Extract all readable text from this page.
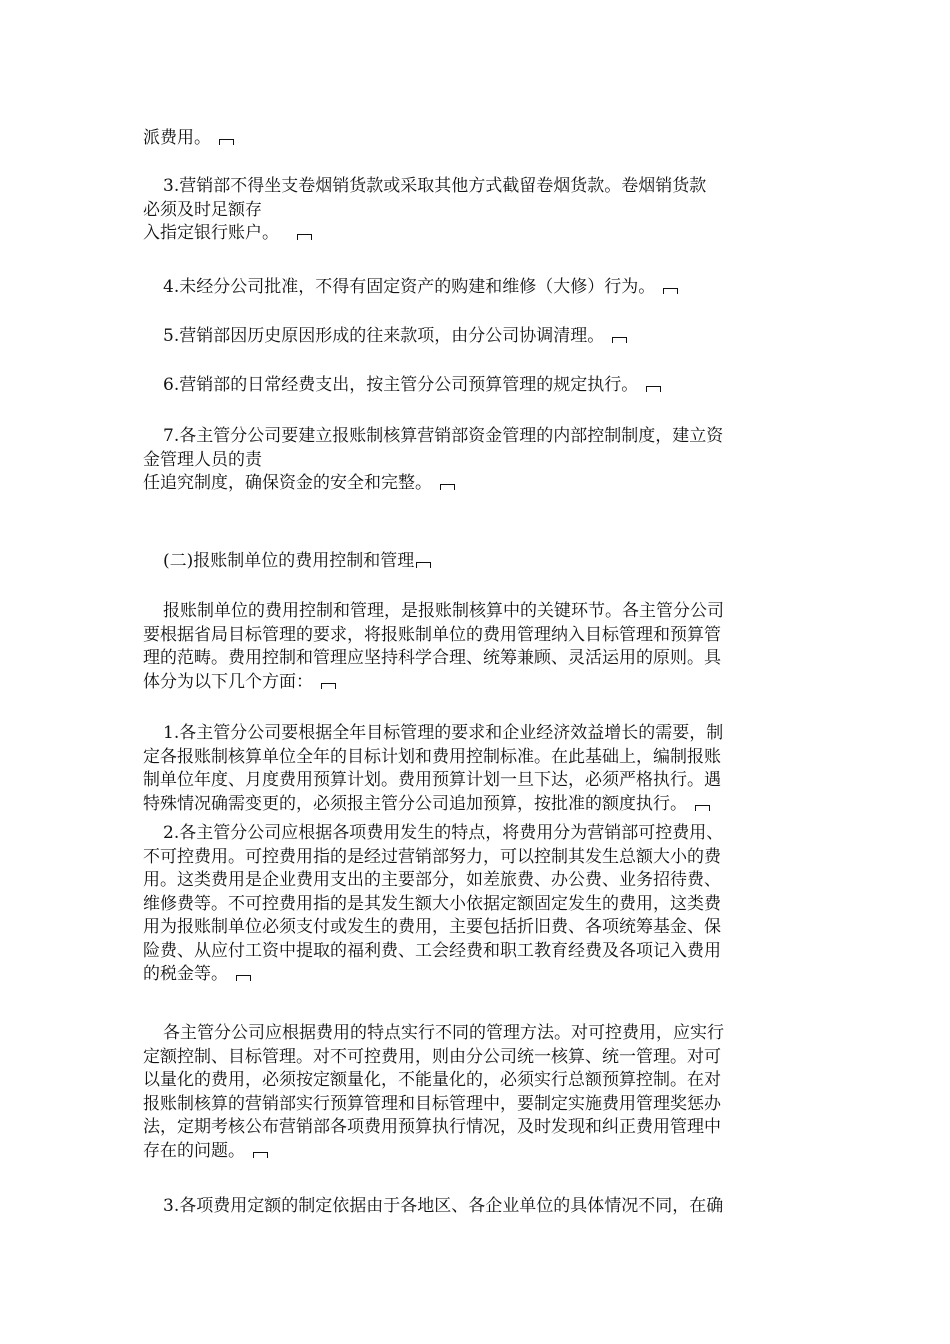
派费用。
3.营销部不得坐支卷烟销货款或采取其他方式截留卷烟货款。卷烟销货款
必须及时足额存
入指定银行账户。
4.未经分公司批准，不得有固定资产的购建和维修（大修）行为。
5.营销部因历史原因形成的往来款项，由分公司协调清理。
6.营销部的日常经费支出，按主管分公司预算管理的规定执行。
7.各主管分公司要建立报账制核算营销部资金管理的内部控制制度，建立资
金管理人员的责
任追究制度，确保资金的安全和完整。
(二)报账制单位的费用控制和管理
报账制单位的费用控制和管理，是报账制核算中的关键环节。各主管分公司
要根据省局目标管理的要求，将报账制单位的费用管理纳入目标管理和预算管
理的范畴。费用控制和管理应坚持科学合理、统筹兼顾、灵活运用的原则。具
体分为以下几个方面：
1.各主管分公司要根据全年目标管理的要求和企业经济效益增长的需要，制
定各报账制核算单位全年的目标计划和费用控制标准。在此基础上，编制报账
制单位年度、月度费用预算计划。费用预算计划一旦下达，必须严格执行。遇
特殊情况确需变更的，必须报主管分公司追加预算，按批准的额度执行。
2.各主管分公司应根据各项费用发生的特点，将费用分为营销部可控费用、
不可控费用。可控费用指的是经过营销部努力，可以控制其发生总额大小的费
用。这类费用是企业费用支出的主要部分，如差旅费、办公费、业务招待费、
维修费等。不可控费用指的是其发生额大小依据定额固定发生的费用，这类费
用为报账制单位必须支付或发生的费用，主要包括折旧费、各项统筹基金、保
险费、从应付工资中提取的福利费、工会经费和职工教育经费及各项记入费用
的税金等。
各主管分公司应根据费用的特点实行不同的管理方法。对可控费用，应实行
定额控制、目标管理。对不可控费用，则由分公司统一核算、统一管理。对可
以量化的费用，必须按定额量化，不能量化的，必须实行总额预算控制。在对
报账制核算的营销部实行预算管理和目标管理中，要制定实施费用管理奖惩办
法，定期考核公布营销部各项费用预算执行情况，及时发现和纠正费用管理中
存在的问题。
3.各项费用定额的制定依据由于各地区、各企业单位的具体情况不同，在确
